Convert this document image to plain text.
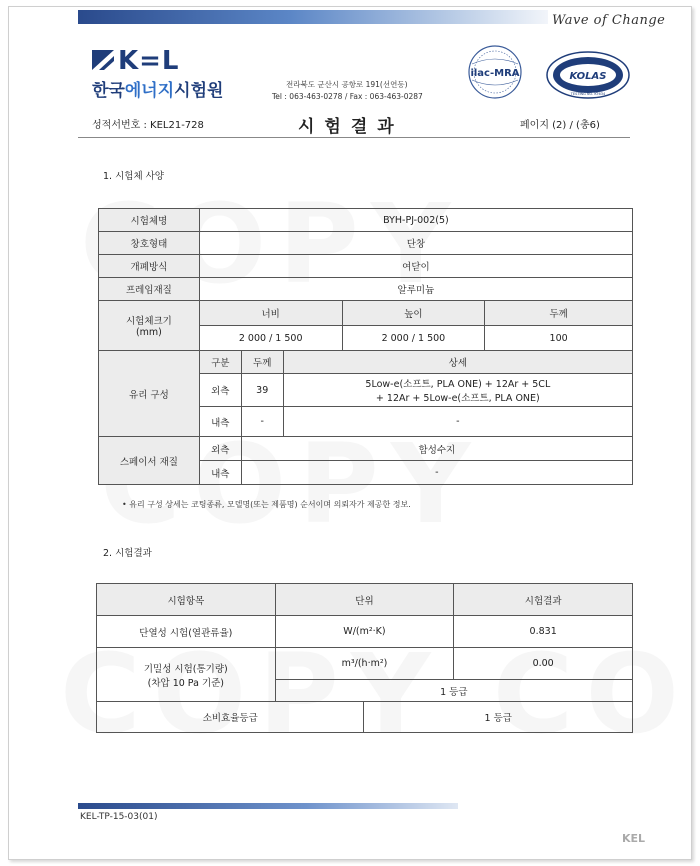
Wave of Change
K=L
한국에너지시험원	전라북도 군산시 공항로 191(선연동)
Tel : 063-463-0278 / Fax : 063-463-0287
ilac-MRA	KOLAS
TESTING NO. KT634
성적서번호 : KEL21-728	시험결과	페이지 (2) / (총6)
1. 시험체 사양
시험체명	BYH-PJ-002(5)				
창호형태	단창				
개폐방식	여닫이				
프레임재질	알루미늄				
시험체크기
(mm)	너비			높이	두께
	2 000 / 1 500			2 000 / 1 500	100
유리 구성	구분	두께	상세		
	외측	39	5Low-e(소프트, PLA ONE) + 12Ar + 5CL
+ 12Ar + 5Low-e(소프트, PLA ONE)		
	내측	-	-		
스페이서 재질	외측	합성수지			
	내측	-			
• 유리 구성 상세는 코팅종류, 모델명(또는 제품명) 순서이며 의뢰자가 제공한 정보.
2. 시험결과
시험항목	단위		시험결과
단열성 시험(열관류율)	W/(m²·K)		0.831
기밀성 시험(통기량)
(차압 10 Pa 기준)	m³/(h·m²)		0.00
	1 등급		
소비효율등급		1 등급	
KEL-TP-15-03(01)
KEL
